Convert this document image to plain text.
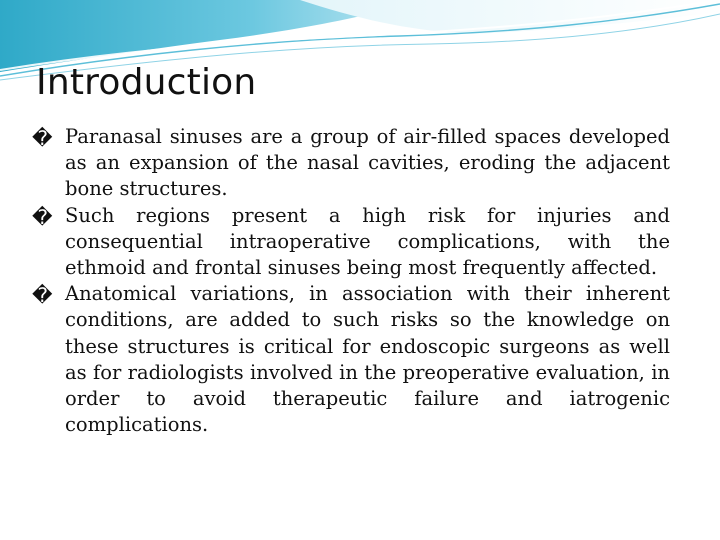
Introduction
� Paranasal sinuses are a group of air-filled spaces developed as an expansion of the nasal cavities, eroding the adjacent bone structures.
� Such regions present a high risk for injuries and consequential intraoperative complications, with the ethmoid and frontal sinuses being most frequently affected.
� Anatomical variations, in association with their inherent conditions, are added to such risks so the knowledge on these structures is critical for endoscopic surgeons as well as for radiologists involved in the preoperative evaluation, in order to avoid therapeutic failure and iatrogenic complications.
